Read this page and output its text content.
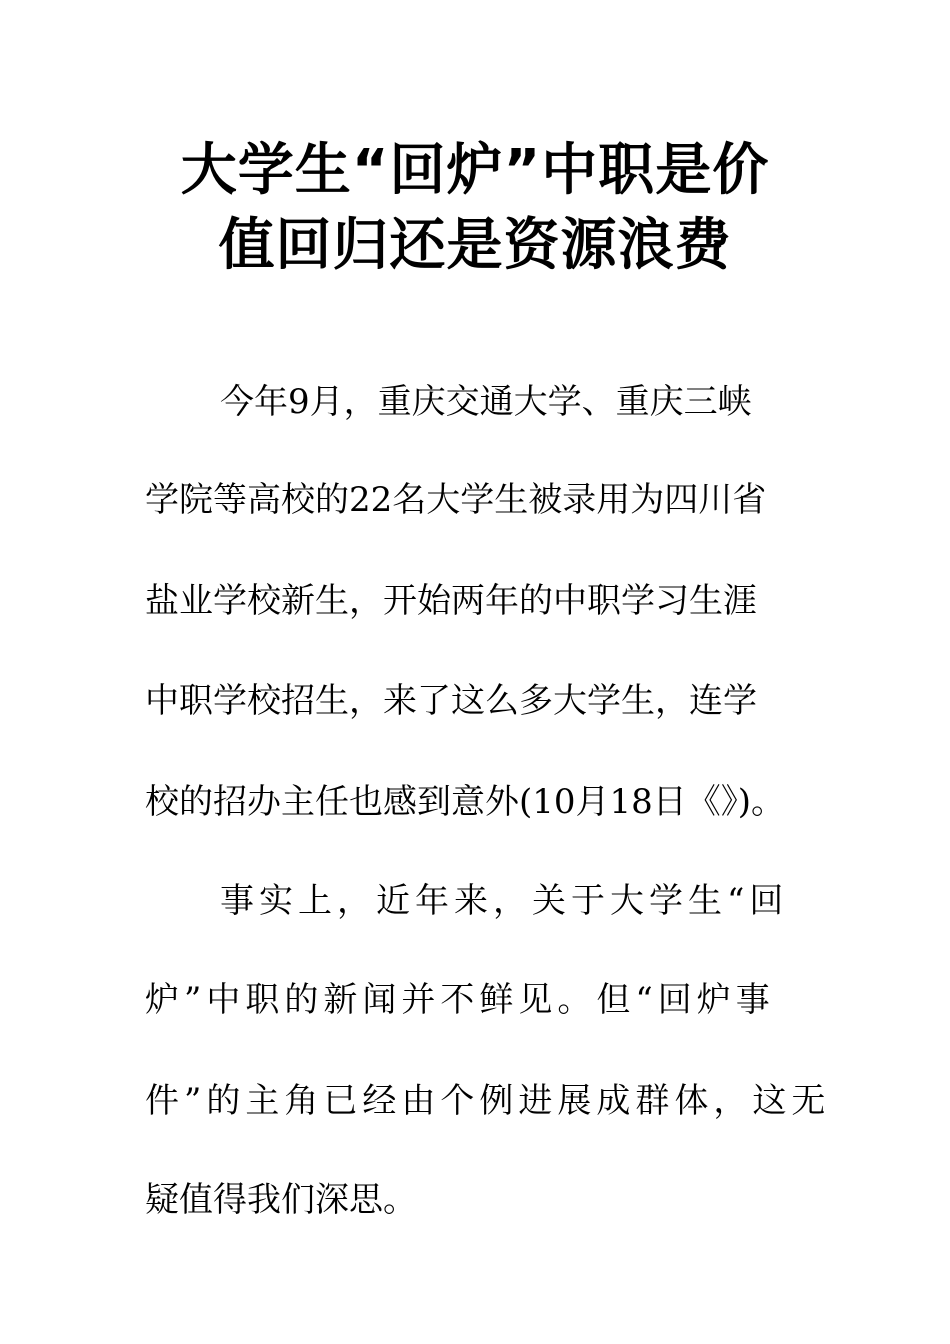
大学生“回炉”中职是价
值回归还是资源浪费

今年9月，重庆交通大学、重庆三峡

学院等高校的22名大学生被录用为四川省

盐业学校新生，开始两年的中职学习生涯

中职学校招生，来了这么多大学生，连学

校的招办主任也感到意外(10月18日《》)。

事实上，近年来，关于大学生“回

炉”中职的新闻并不鲜见。但“回炉事

件”的主角已经由个例进展成群体，这无

疑值得我们深思。
